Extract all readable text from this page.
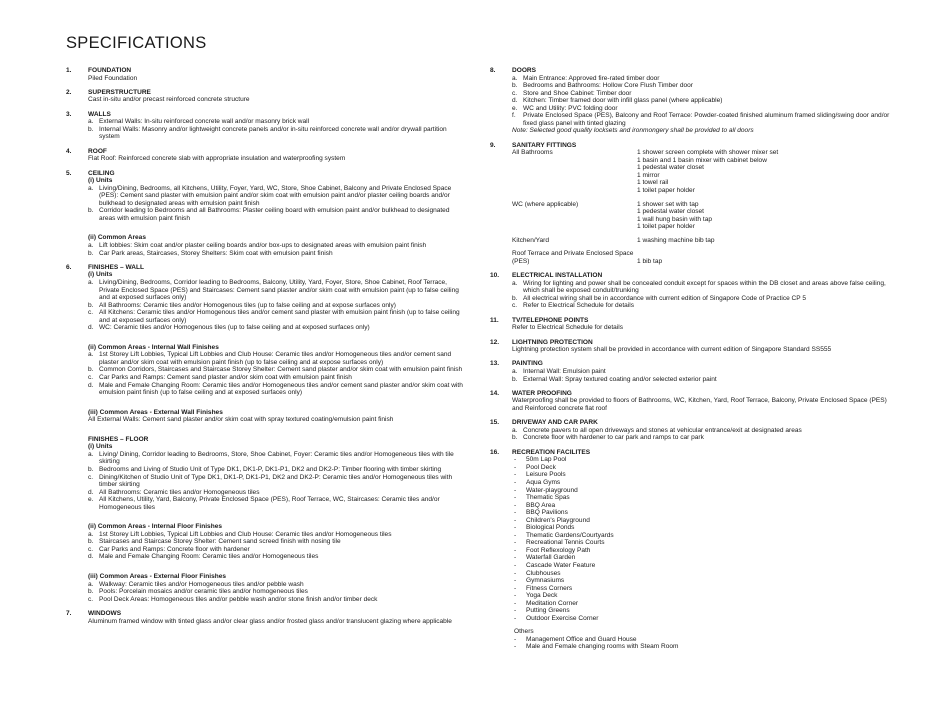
SPECIFICATIONS
1.	FOUNDATION
Piled Foundation
2.	SUPERSTRUCTURE
Cast in-situ and/or precast reinforced concrete structure
3.	WALLS
a. External Walls: In-situ reinforced concrete wall and/or masonry brick wall
b. Internal Walls: Masonry and/or lightweight concrete panels and/or in-situ reinforced concrete wall and/or drywall partition system
4.	ROOF
Flat Roof: Reinforced concrete slab with appropriate insulation and waterproofing system
5.	CEILING
(i) Units
a. Living/Dining, Bedrooms, all Kitchens, Utility, Foyer, Yard, WC, Store, Shoe Cabinet, Balcony and Private Enclosed Space (PES): Cement sand plaster with emulsion paint and/or skim coat with emulsion paint and/or plaster ceiling boards and/or bulkhead to designated areas with emulsion paint finish
b. Corridor leading to Bedrooms and all Bathrooms: Plaster ceiling board with emulsion paint and/or bulkhead to designated areas with emulsion paint finish
(ii) Common Areas
a. Lift lobbies: Skim coat and/or plaster ceiling boards and/or box-ups to designated areas with emulsion paint finish
b. Car Park areas, Staircases, Storey Shelters: Skim coat with emulsion paint finish
6.	FINISHES – WALL
(i) Units
a. Living/Dining, Bedrooms, Corridor leading to Bedrooms, Balcony, Utility, Yard, Foyer, Store, Shoe Cabinet, Roof Terrace, Private Enclosed Space (PES) and Staircases: Cement sand plaster and/or skim coat with emulsion paint (up to false ceiling and at exposed surfaces only)
b. All Bathrooms: Ceramic tiles and/or Homogenous tiles (up to false ceiling and at expose surfaces only)
c. All Kitchens: Ceramic tiles and/or Homogenous tiles and/or cement sand plaster with emulsion paint finish (up to false ceiling and at exposed surfaces only)
d. WC: Ceramic tiles and/or Homogenous tiles (up to false ceiling and at exposed surfaces only)
(ii) Common Areas - Internal Wall Finishes
a. 1st Storey Lift Lobbies, Typical Lift Lobbies and Club House: Ceramic tiles and/or Homogeneous tiles and/or cement sand plaster and/or skim coat with emulsion paint finish (up to false ceiling and at expose surfaces only)
b. Common Corridors, Staircases and Staircase Storey Shelter: Cement sand plaster and/or skim coat with emulsion paint finish
c. Car Parks and Ramps: Cement sand plaster and/or skim coat with emulsion paint finish
d. Male and Female Changing Room: Ceramic tiles and/or Homogeneous tiles and/or cement sand plaster and/or skim coat with emulsion paint finish (up to false ceiling and at exposed surfaces only)
(iii) Common Areas - External Wall Finishes
All External Walls: Cement sand plaster and/or skim coat with spray textured coating/emulsion paint finish
FINISHES – FLOOR
(i) Units
a. Living/ Dining, Corridor leading to Bedrooms, Store, Shoe Cabinet, Foyer: Ceramic tiles and/or Homogeneous tiles with tile skirting
b. Bedrooms and Living of Studio Unit of Type DK1, DK1-P, DK1-P1, DK2 and DK2-P: Timber flooring with timber skirting
c. Dining/Kitchen of Studio Unit of Type DK1, DK1-P, DK1-P1, DK2 and DK2-P: Ceramic tiles and/or Homogeneous tiles with timber skirting
d. All Bathrooms: Ceramic tiles and/or Homogeneous tiles
e. All Kitchens, Utility, Yard, Balcony, Private Enclosed Space (PES), Roof Terrace, WC, Staircases: Ceramic tiles and/or Homogeneous tiles
(ii) Common Areas - Internal Floor Finishes
a. 1st Storey Lift Lobbies, Typical Lift Lobbies and Club House: Ceramic tiles and/or Homogeneous tiles
b. Staircases and Staircase Storey Shelter: Cement sand screed finish with nosing tile
c. Car Parks and Ramps: Concrete floor with hardener
d. Male and Female Changing Room: Ceramic tiles and/or Homogeneous tiles
(iii) Common Areas - External Floor Finishes
a. Walkway: Ceramic tiles and/or Homogeneous tiles and/or pebble wash
b. Pools: Porcelain mosaics and/or ceramic tiles and/or homogeneous tiles
c. Pool Deck Areas: Homogeneous tiles and/or pebble wash and/or stone finish and/or timber deck
7.	WINDOWS
Aluminum framed window with tinted glass and/or clear glass and/or frosted glass and/or translucent glazing where applicable
8.	DOORS
a. Main Entrance: Approved fire-rated timber door
b. Bedrooms and Bathrooms: Hollow Core Flush Timber door
c. Store and Shoe Cabinet: Timber door
d. Kitchen: Timber framed door with infill glass panel (where applicable)
e. WC and Utility: PVC folding door
f. Private Enclosed Space (PES), Balcony and Roof Terrace: Powder-coated finished aluminum framed sliding/swing door and/or fixed glass panel with tinted glazing
Note: Selected good quality locksets and ironmongery shall be provided to all doors
9.	SANITARY FITTINGS
All Bathrooms	1 shower screen complete with shower mixer set
1 basin and 1 basin mixer with cabinet below
1 pedestal water closet
1 mirror
1 towel rail
1 toilet paper holder
WC (where applicable)	1 shower set with tap
1 pedestal water closet
1 wall hung basin with tap
1 toilet paper holder
Kitchen/Yard	1 washing machine bib tap
Roof Terrace and Private Enclosed Space (PES)
	1 bib tap
10. ELECTRICAL INSTALLATION
a. Wiring for lighting and power shall be concealed conduit except for spaces within the DB closet and areas above false ceiling, which shall be exposed conduit/trunking
b. All electrical wiring shall be in accordance with current edition of Singapore Code of Practice CP 5
c. Refer to Electrical Schedule for details
11. TV/TELEPHONE POINTS
Refer to Electrical Schedule for details
12. LIGHTNING PROTECTION
Lightning protection system shall be provided in accordance with current edition of Singapore Standard SS555
13. PAINTING
a. Internal Wall: Emulsion paint
b. External Wall: Spray textured coating and/or selected exterior paint
14. WATER PROOFING
Waterproofing shall be provided to floors of Bathrooms, WC, Kitchen, Yard, Roof Terrace, Balcony, Private Enclosed Space (PES) and Reinforced concrete flat roof
15. DRIVEWAY AND CAR PARK
a. Concrete pavers to all open driveways and stones at vehicular entrance/exit at designated areas
b. Concrete floor with hardener to car park and ramps to car park
16. RECREATION FACILITES
- 50m Lap Pool
- Pool Deck
- Leisure Pools
- Aqua Gyms
- Water-playground
- Thematic Spas
- BBQ Area
- BBQ Pavilions
- Children's Playground
- Biological Ponds
- Thematic Gardens/Courtyards
- Recreational Tennis Courts
- Foot Reflexology Path
- Waterfall Garden
- Cascade Water Feature
- Clubhouses
- Gymnasiums
- Fitness Corners
- Yoga Deck
- Meditation Corner
- Putting Greens
- Outdoor Exercise Corner
Others
- Management Office and Guard House
- Male and Female changing rooms with Steam Room
